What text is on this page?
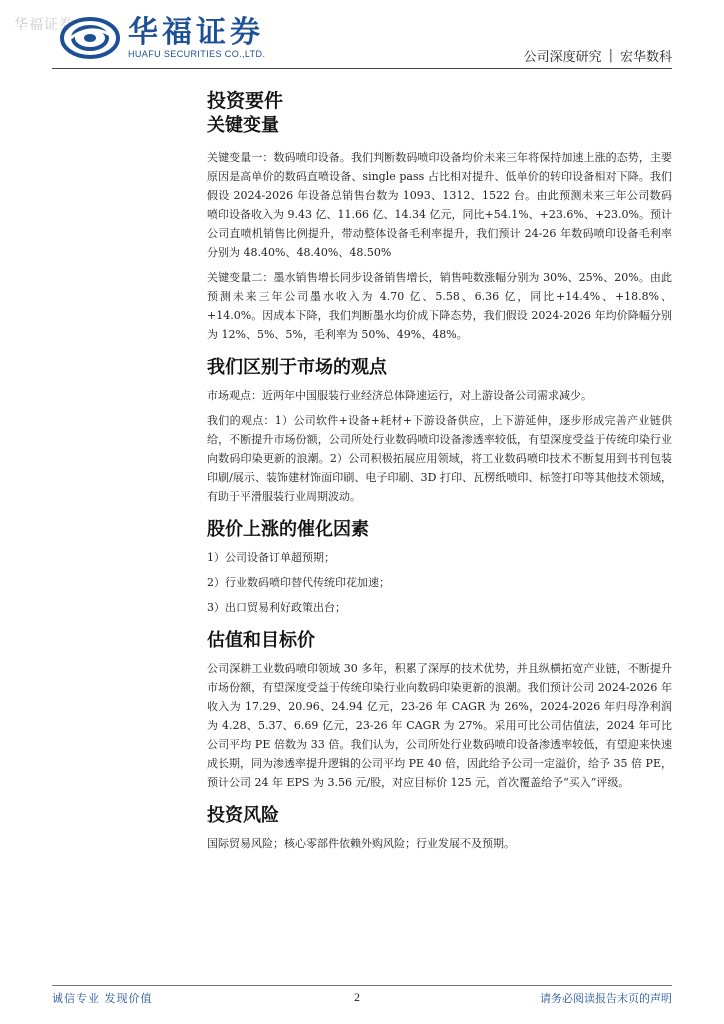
华福证券 华福证券
HUAFU SECURITIES CO.,LTD.	公司深度研究 | 宏华数科
投资要件
关键变量

关键变量一：数码喷印设备。我们判断数码喷印设备均价未来三年将保持加速上涨的态势，主要原因是高单价的数码直喷设备、single pass 占比相对提升、低单价的转印设备相对下降。我们假设 2024-2026 年设备总销售台数为 1093、1312、1522 台。由此预测未来三年公司数码喷印设备收入为 9.43 亿、11.66 亿、14.34 亿元，同比+54.1%、+23.6%、+23.0%。预计公司直喷机销售比例提升，带动整体设备毛利率提升，我们预计 24-26 年数码喷印设备毛利率分别为 48.40%、48.40%、48.50%

关键变量二：墨水销售增长同步设备销售增长，销售吨数涨幅分别为 30%、25%、20%。由此预测未来三年公司墨水收入为 4.70 亿、5.58、6.36 亿，同比+14.4%、+18.8%、+14.0%。因成本下降，我们判断墨水均价成下降态势，我们假设 2024-2026 年均价降幅分别为 12%、5%、5%，毛利率为 50%、49%、48%。

我们区别于市场的观点

市场观点：近两年中国服装行业经济总体降速运行，对上游设备公司需求减少。

我们的观点：1）公司软件+设备+耗材+下游设备供应，上下游延伸，逐步形成完善产业链供给，不断提升市场份额，公司所处行业数码喷印设备渗透率较低，有望深度受益于传统印染行业向数码印染更新的浪潮。2）公司积极拓展应用领域，将工业数码喷印技术不断复用到书刊包装印刷/展示、装饰建材饰面印刷、电子印刷、3D 打印、瓦楞纸喷印、标签打印等其他技术领域，有助于平滑服装行业周期波动。

股价上涨的催化因素

1）公司设备订单超预期；

2）行业数码喷印替代传统印花加速；

3）出口贸易利好政策出台；

估值和目标价

公司深耕工业数码喷印领域 30 多年，积累了深厚的技术优势，并且纵横拓宽产业链，不断提升市场份额，有望深度受益于传统印染行业向数码印染更新的浪潮。我们预计公司 2024-2026 年收入为 17.29、20.96、24.94 亿元，23-26 年 CAGR 为 26%，2024-2026 年归母净利润为 4.28、5.37、6.69 亿元，23-26 年 CAGR 为 27%。采用可比公司估值法，2024 年可比公司平均 PE 倍数为 33 倍。我们认为，公司所处行业数码喷印设备渗透率较低，有望迎来快速成长期，同为渗透率提升逻辑的公司平均 PE 40 倍，因此给予公司一定溢价，给予 35 倍 PE，预计公司 24 年 EPS 为 3.56 元/股，对应目标价 125 元，首次覆盖给予“买入”评级。

投资风险

国际贸易风险；核心零部件依赖外购风险；行业发展不及预期。

诚信专业 发现价值	2	请务必阅读报告末页的声明
